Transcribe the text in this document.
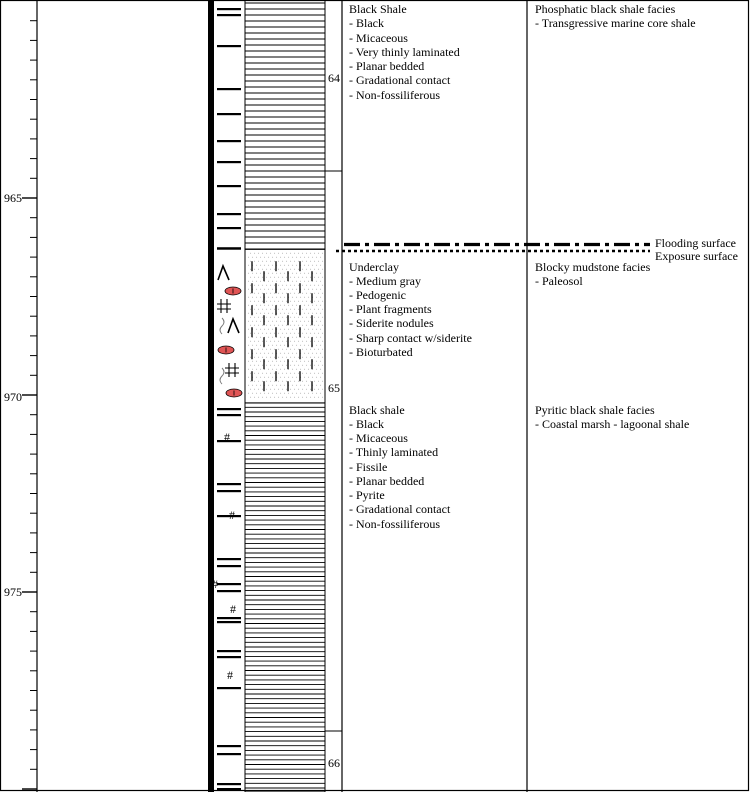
965
970
975
#
#
#
#
#
64
65
66
Flooding surface
Exposure surface
Black Shale
- Black
- Micaceous
- Very thinly laminated
- Planar bedded
- Gradational contact
- Non-fossiliferous
Underclay
- Medium gray
- Pedogenic
- Plant fragments
- Siderite nodules
- Sharp contact w/siderite
- Bioturbated
Black shale
- Black
- Micaceous
- Thinly laminated
- Fissile
- Planar bedded
- Pyrite
- Gradational contact
- Non-fossiliferous
Phosphatic black shale facies
- Transgressive marine core shale
Blocky mudstone facies
- Paleosol
Pyritic black shale facies
- Coastal marsh - lagoonal shale
